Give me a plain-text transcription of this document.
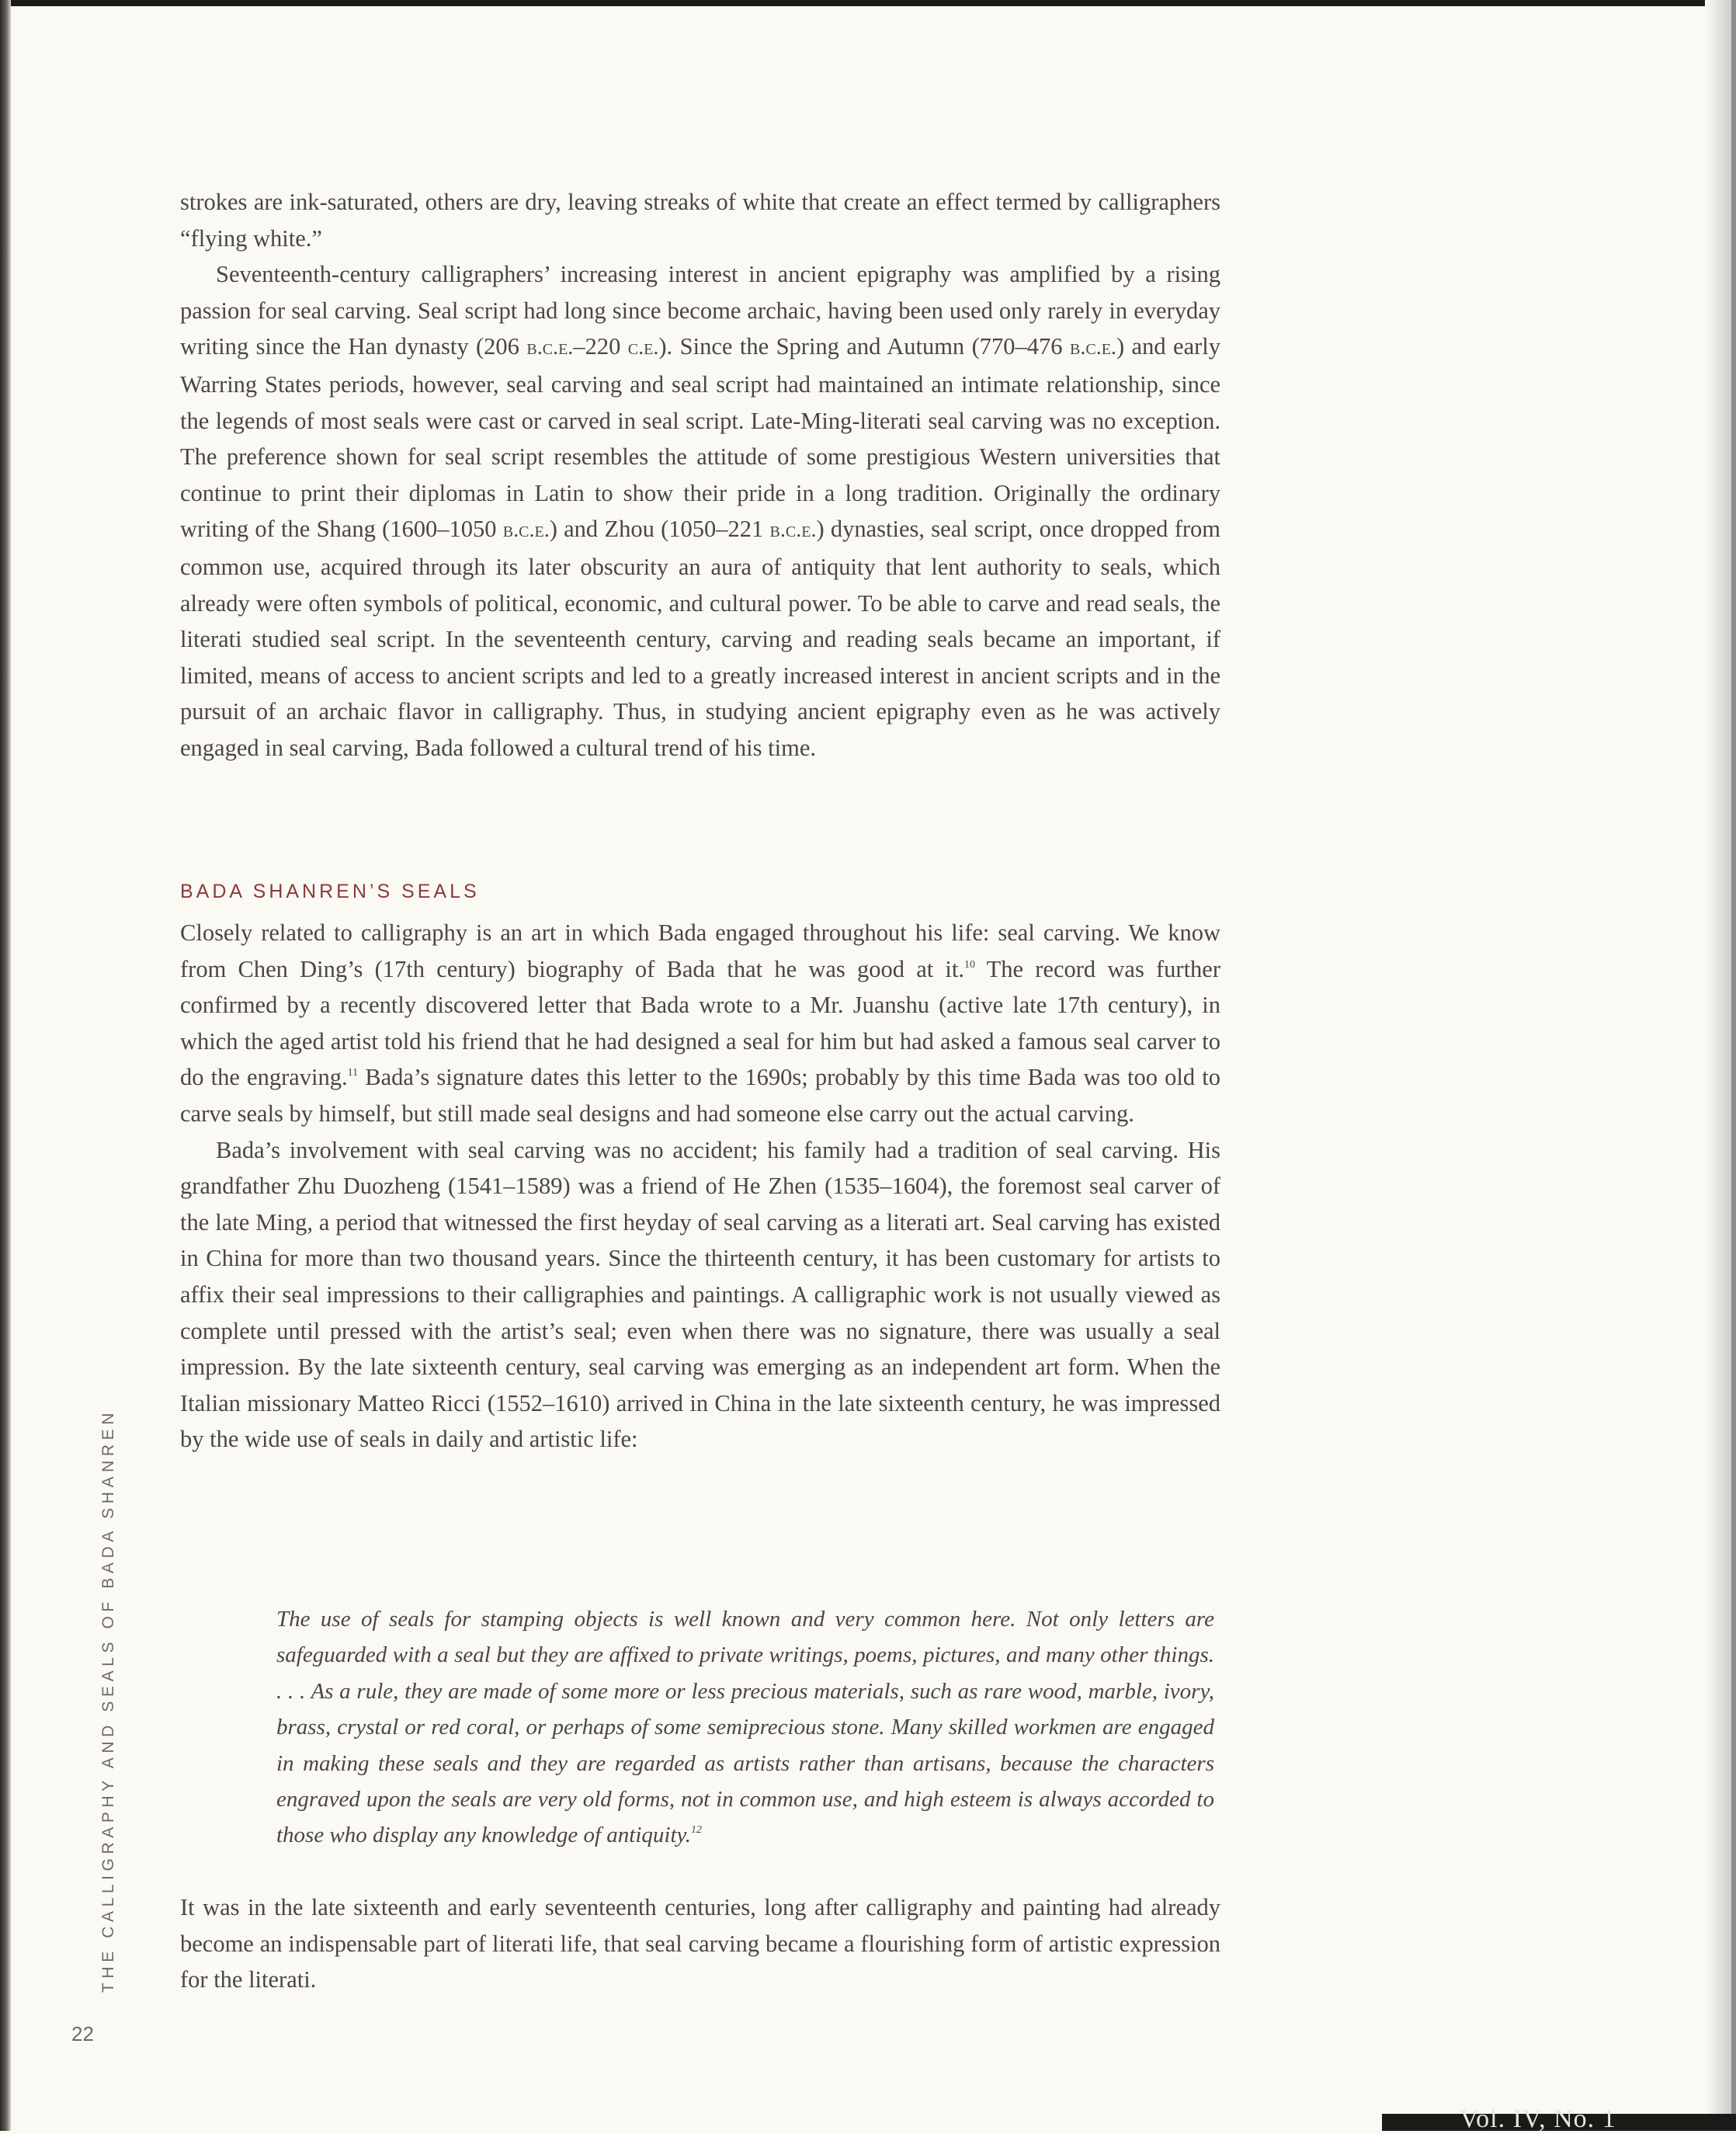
Vol. IV, No. 1

strokes are ink-saturated, others are dry, leaving streaks of white that create an effect termed by calligraphers “flying white.”

Seventeenth-century calligraphers’ increasing interest in ancient epigraphy was amplified by a rising passion for seal carving. Seal script had long since become archaic, having been used only rarely in everyday writing since the Han dynasty (206 b.c.e.–220 c.e.). Since the Spring and Autumn (770–476 b.c.e.) and early Warring States periods, however, seal carving and seal script had maintained an intimate relationship, since the legends of most seals were cast or carved in seal script. Late-Ming-literati seal carving was no exception. The preference shown for seal script resembles the attitude of some prestigious Western universities that continue to print their diplomas in Latin to show their pride in a long tradition. Originally the ordinary writing of the Shang (1600–1050 b.c.e.) and Zhou (1050–221 b.c.e.) dynasties, seal script, once dropped from common use, acquired through its later obscurity an aura of antiquity that lent authority to seals, which already were often symbols of political, economic, and cultural power. To be able to carve and read seals, the literati studied seal script. In the seventeenth century, carving and reading seals became an important, if limited, means of access to ancient scripts and led to a greatly increased interest in ancient scripts and in the pursuit of an archaic flavor in calligraphy. Thus, in studying ancient epigraphy even as he was actively engaged in seal carving, Bada followed a cultural trend of his time.

BADA SHANREN’S SEALS

Closely related to calligraphy is an art in which Bada engaged throughout his life: seal carving. We know from Chen Ding’s (17th century) biography of Bada that he was good at it.$^{10}$ The record was further confirmed by a recently discovered letter that Bada wrote to a Mr. Juanshu (active late 17th century), in which the aged artist told his friend that he had designed a seal for him but had asked a famous seal carver to do the engraving.$^{11}$ Bada’s signature dates this letter to the 1690s; probably by this time Bada was too old to carve seals by himself, but still made seal designs and had someone else carry out the actual carving.

Bada’s involvement with seal carving was no accident; his family had a tradition of seal carving. His grandfather Zhu Duozheng (1541–1589) was a friend of He Zhen (1535–1604), the foremost seal carver of the late Ming, a period that witnessed the first heyday of seal carving as a literati art. Seal carving has existed in China for more than two thousand years. Since the thirteenth century, it has been customary for artists to affix their seal impressions to their calligraphies and paintings. A calligraphic work is not usually viewed as complete until pressed with the artist’s seal; even when there was no signature, there was usually a seal impression. By the late sixteenth century, seal carving was emerging as an independent art form. When the Italian missionary Matteo Ricci (1552–1610) arrived in China in the late sixteenth century, he was impressed by the wide use of seals in daily and artistic life:

The use of seals for stamping objects is well known and very common here. Not only letters are safeguarded with a seal but they are affixed to private writings, poems, pictures, and many other things. . . . As a rule, they are made of some more or less precious materials, such as rare wood, marble, ivory, brass, crystal or red coral, or perhaps of some semiprecious stone. Many skilled workmen are engaged in making these seals and they are regarded as artists rather than artisans, because the characters engraved upon the seals are very old forms, not in common use, and high esteem is always accorded to those who display any knowledge of antiquity.$^{12}$

It was in the late sixteenth and early seventeenth centuries, long after calligraphy and painting had already become an indispensable part of literati life, that seal carving became a flourishing form of artistic expression for the literati.

THE CALLIGRAPHY AND SEALS OF BADA SHANREN
22
